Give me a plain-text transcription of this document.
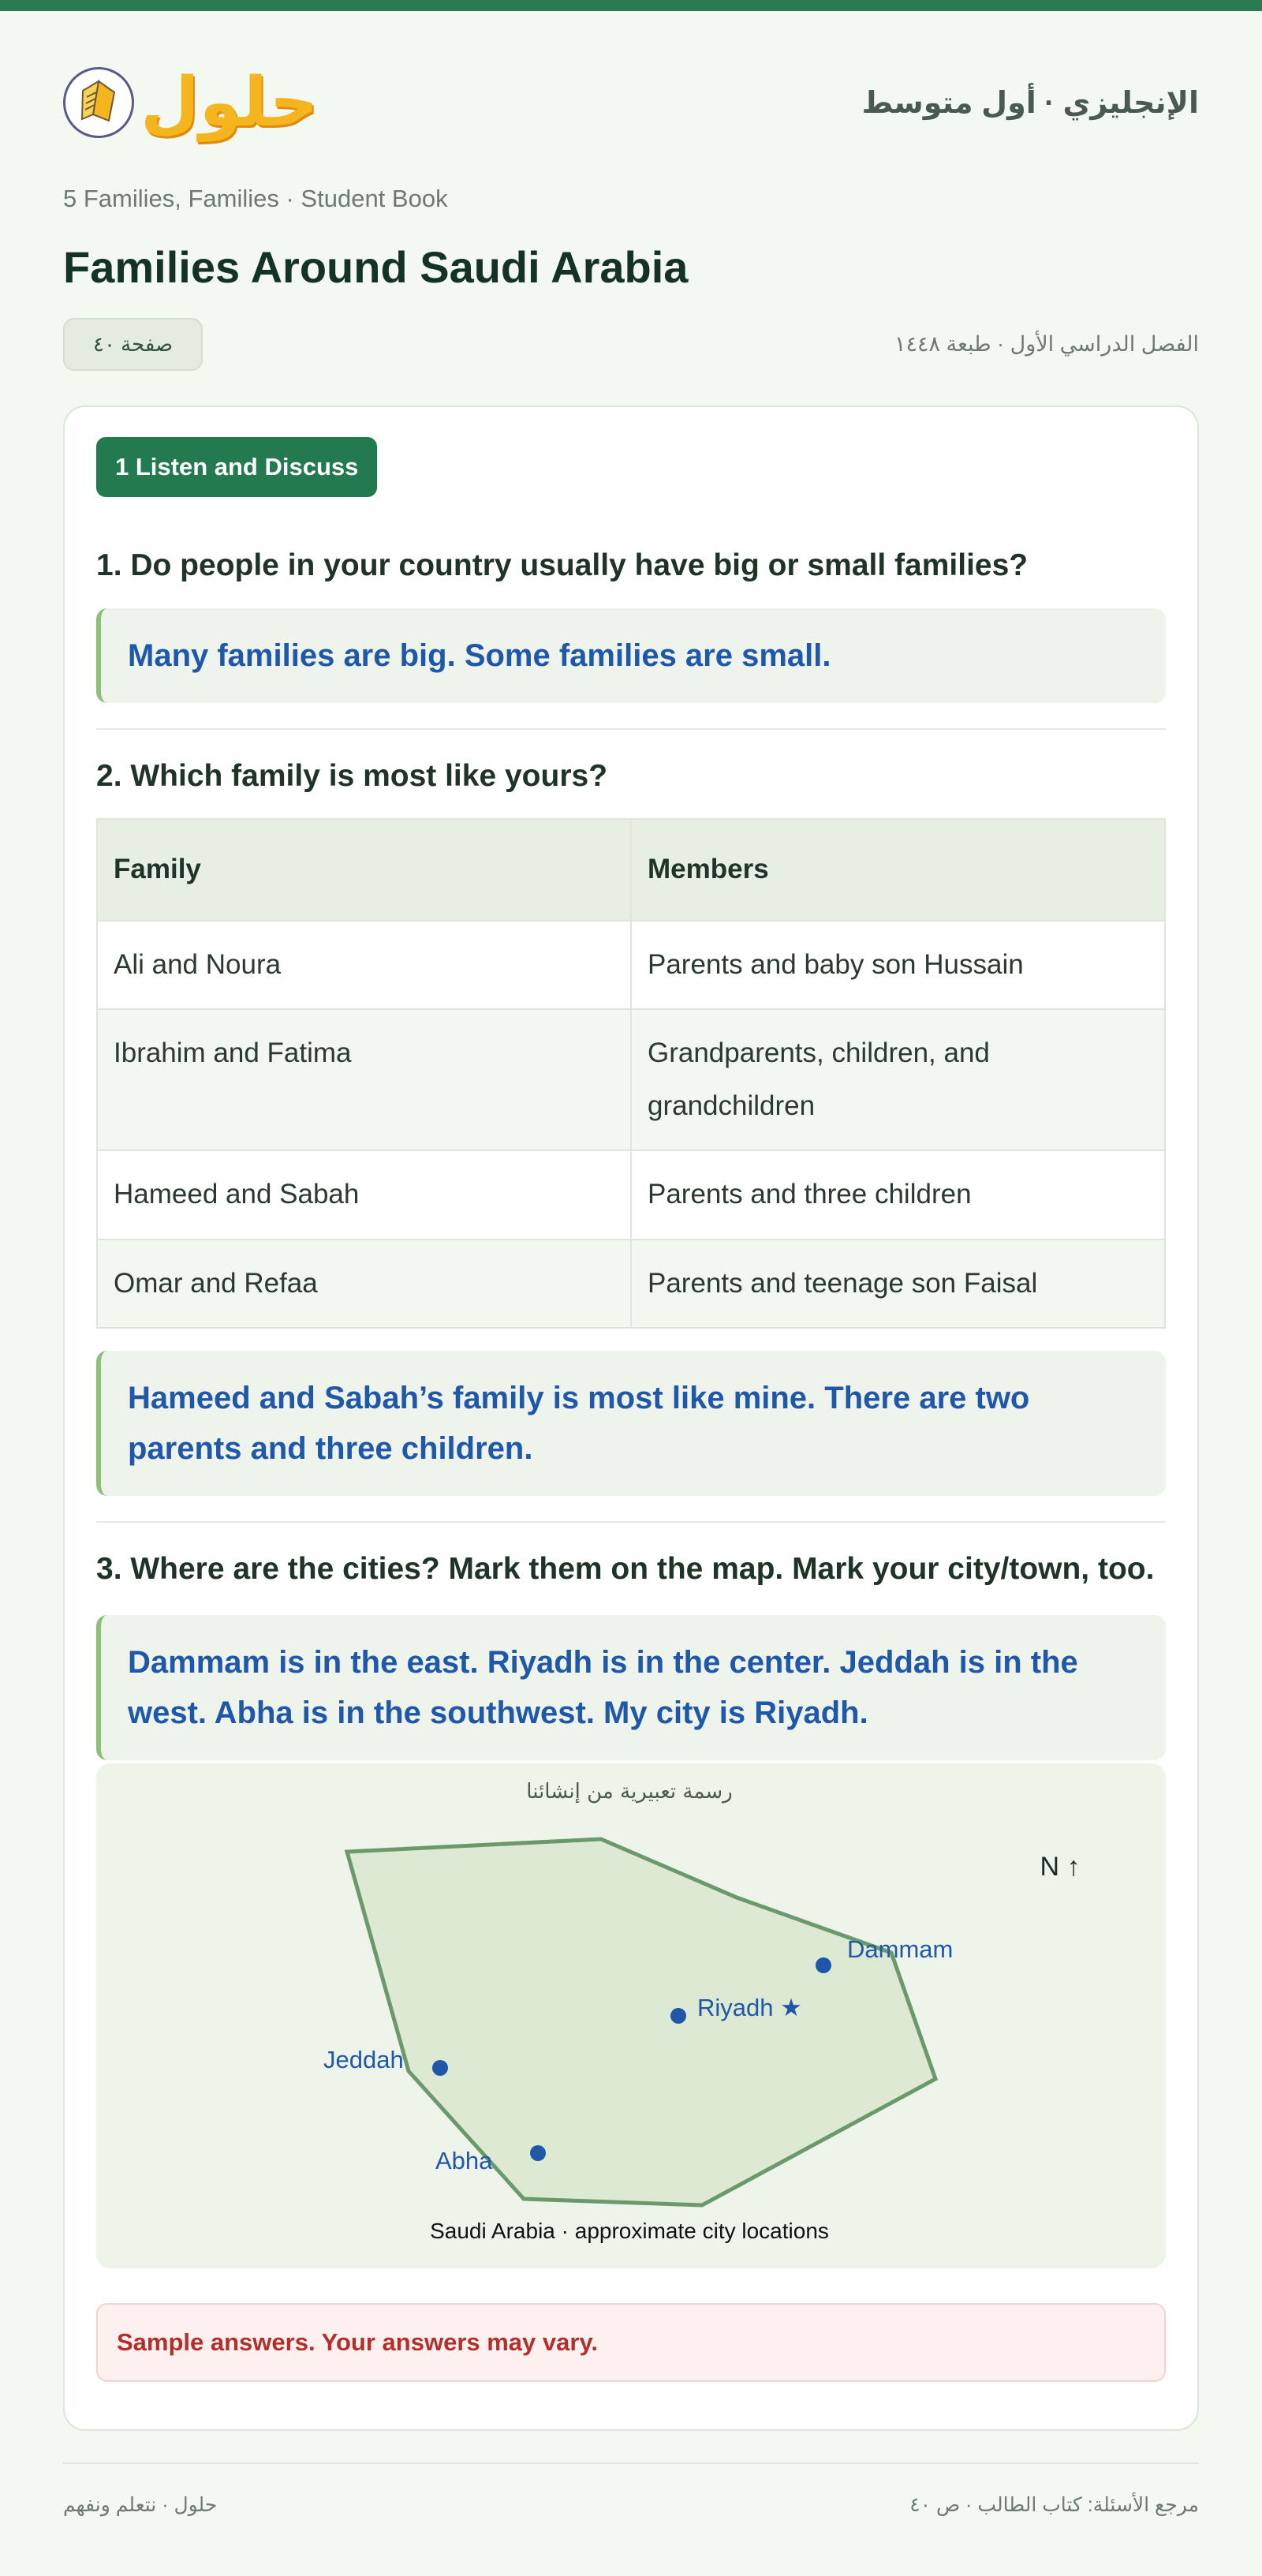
حلول	الإنجليزي · أول متوسط
5 Families, Families · Student Book
Families Around Saudi Arabia
صفحة ٤٠	الفصل الدراسي الأول · طبعة ١٤٤٨
1 Listen and Discuss
1. Do people in your country usually have big or small families?
Many families are big. Some families are small.
2. Which family is most like yours?
Family	Members
Ali and Noura	Parents and baby son Hussain
Ibrahim and Fatima	Grandparents, children, and grandchildren
Hameed and Sabah	Parents and three children
Omar and Refaa	Parents and teenage son Faisal
Hameed and Sabah’s family is most like mine. There are two parents and three children.
3. Where are the cities? Mark them on the map. Mark your city/town, too.
Dammam is in the east. Riyadh is in the center. Jeddah is in the west. Abha is in the southwest. My city is Riyadh.
رسمة تعبيرية من إنشائنا
N ↑
Dammam
Riyadh ★
Jeddah
Abha
Saudi Arabia · approximate city locations
Sample answers. Your answers may vary.
حلول · نتعلم ونفهم	مرجع الأسئلة: كتاب الطالب · ص ٤٠
